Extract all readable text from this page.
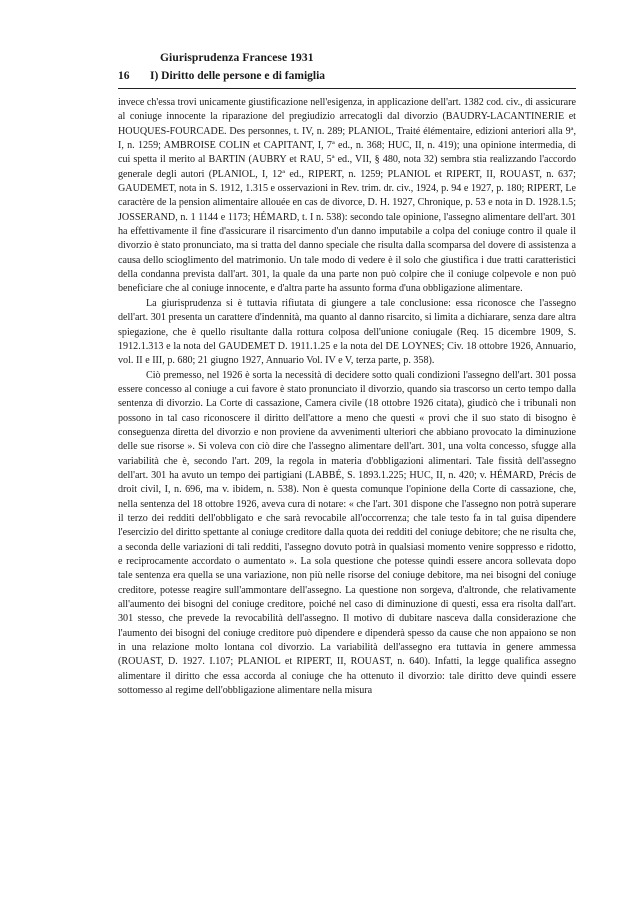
Giurisprudenza Francese 1931
16 I) Diritto delle persone e di famiglia

invece ch'essa trovi unicamente giustificazione nell'esigenza, in applicazione dell'art. 1382 cod. civ., di assicurare al coniuge innocente la riparazione del pregiudizio arrecatogli dal divorzio (BAUDRY-LACANTINERIE et HOUQUES-FOURCADE. Des personnes, t. IV, n. 289; PLANIOL, Traité élémentaire, edizioni anteriori alla 9ª, I, n. 1259; AMBROISE COLIN et CAPITANT, I, 7ª ed., n. 368; HUC, II, n. 419); una opinione intermedia, di cui spetta il merito al BARTIN (AUBRY et RAU, 5ª ed., VII, § 480, nota 32) sembra stia realizzando l'accordo generale degli autori (PLANIOL, I, 12ª ed., RIPERT, n. 1259; PLANIOL et RIPERT, II, ROUAST, n. 637; GAUDEMET, nota in S. 1912, 1.315 e osservazioni in Rev. trim. dr. civ., 1924, p. 94 e 1927, p. 180; RIPERT, Le caractère de la pension alimentaire allouée en cas de divorce, D. H. 1927, Chronique, p. 53 e nota in D. 1928.1.5; JOSSERAND, n. 1 1144 e 1173; HÉMARD, t. I n. 538): secondo tale opinione, l'assegno alimentare dell'art. 301 ha effettivamente il fine d'assicurare il risarcimento d'un danno imputabile a colpa del coniuge contro il quale il divorzio è stato pronunciato, ma si tratta del danno speciale che risulta dalla scomparsa del dovere di assistenza a causa dello scioglimento del matrimonio. Un tale modo di vedere è il solo che giustifica i due tratti caratteristici della condanna prevista dall'art. 301, la quale da una parte non può colpire che il coniuge colpevole e non può beneficiare che al coniuge innocente, e d'altra parte ha assunto forma d'una obbligazione alimentare.

La giurisprudenza si è tuttavia rifiutata di giungere a tale conclusione: essa riconosce che l'assegno dell'art. 301 presenta un carattere d'indennità, ma quanto al danno risarcito, si limita a dichiarare, senza dare altra spiegazione, che è quello risultante dalla rottura colposa dell'unione coniugale (Req. 15 dicembre 1909, S. 1912.1.313 e la nota del GAUDEMET D. 1911.1.25 e la nota del DE LOYNES; Civ. 18 ottobre 1926, Annuario, vol. II e III, p. 680; 21 giugno 1927, Annuario Vol. IV e V, terza parte, p. 358).

Ciò premesso, nel 1926 è sorta la necessità di decidere sotto quali condizioni l'assegno dell'art. 301 possa essere concesso al coniuge a cui favore è stato pronunciato il divorzio, quando sia trascorso un certo tempo dalla sentenza di divorzio. La Corte di cassazione, Camera civile (18 ottobre 1926 citata), giudicò che i tribunali non possono in tal caso riconoscere il diritto dell'attore a meno che questi « provi che il suo stato di bisogno è conseguenza diretta del divorzio e non proviene da avvenimenti ulteriori che abbiano provocato la diminuzione delle sue risorse ». Si voleva con ciò dire che l'assegno alimentare dell'art. 301, una volta concesso, sfugge alla variabilità che è, secondo l'art. 209, la regola in materia d'obbligazioni alimentari. Tale fissità dell'assegno dell'art. 301 ha avuto un tempo dei partigiani (LABBÉ, S. 1893.1.225; HUC, II, n. 420; v. HÉMARD, Précis de droit civil, I, n. 696, ma v. ibidem, n. 538). Non è questa comunque l'opinione della Corte di cassazione, che, nella sentenza del 18 ottobre 1926, aveva cura di notare: « che l'art. 301 dispone che l'assegno non potrà superare il terzo dei redditi dell'obbligato e che sarà revocabile all'occorrenza; che tale testo fa in tal guisa dipendere l'esercizio del diritto spettante al coniuge creditore dalla quota dei redditi del coniuge debitore; che ne risulta che, a seconda delle variazioni di tali redditi, l'assegno dovuto potrà in qualsiasi momento venire soppresso e ridotto, e reciprocamente accordato o aumentato ». La sola questione che potesse quindi essere ancora sollevata dopo tale sentenza era quella se una variazione, non più nelle risorse del coniuge debitore, ma nei bisogni del coniuge creditore, potesse reagire sull'ammontare dell'assegno. La questione non sorgeva, d'altronde, che relativamente all'aumento dei bisogni del coniuge creditore, poiché nel caso di diminuzione di questi, essa era risolta dall'art. 301 stesso, che prevede la revocabilità dell'assegno. Il motivo di dubitare nasceva dalla considerazione che l'aumento dei bisogni del coniuge creditore può dipendere e dipenderà spesso da cause che non appaiono se non in una relazione molto lontana col divorzio. La variabilità dell'assegno era tuttavia in genere ammessa (ROUAST, D. 1927. I.107; PLANIOL et RIPERT, II, ROUAST, n. 640). Infatti, la legge qualifica assegno alimentare il diritto che essa accorda al coniuge che ha ottenuto il divorzio: tale diritto deve quindi essere sottomesso al regime dell'obbligazione alimentare nella misura
